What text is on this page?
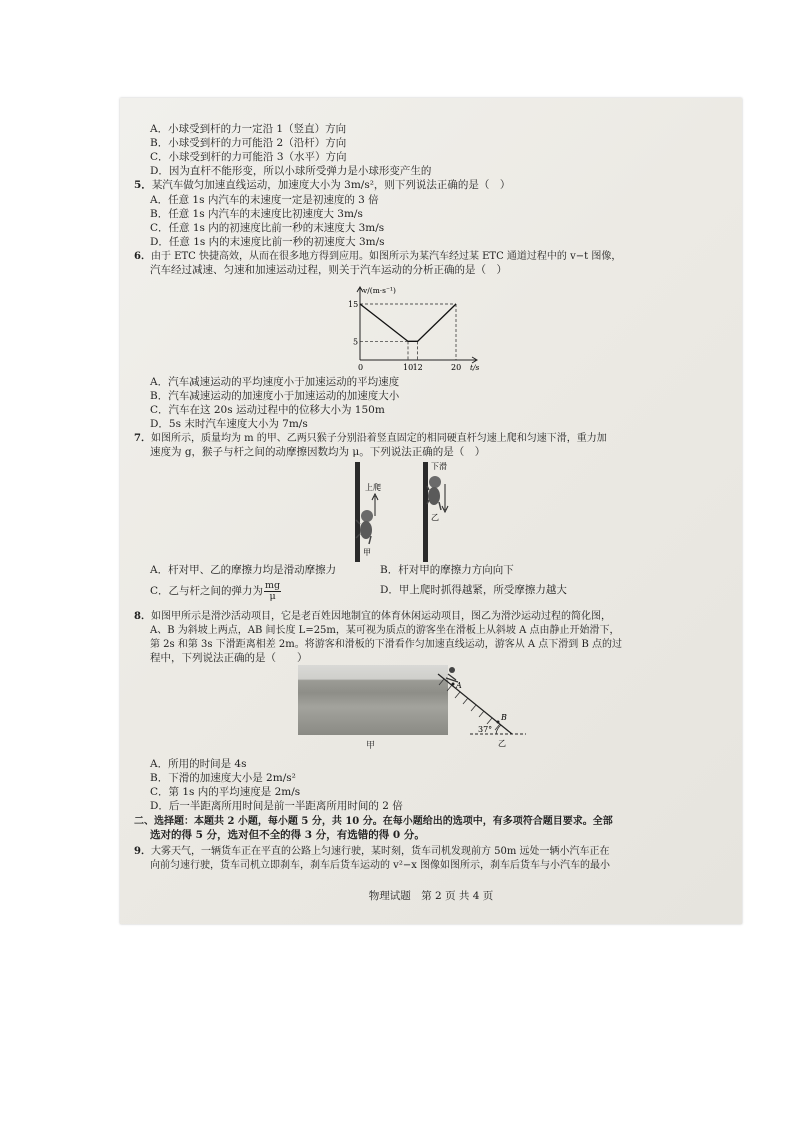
A．小球受到杆的力一定沿 1（竖直）方向
B．小球受到杆的力可能沿 2（沿杆）方向
C．小球受到杆的力可能沿 3（水平）方向
D．因为直杆不能形变，所以小球所受弹力是小球形变产生的
5．某汽车做匀加速直线运动，加速度大小为 3m/s²，则下列说法正确的是（　）
A．任意 1s 内汽车的末速度一定是初速度的 3 倍
B．任意 1s 内汽车的末速度比初速度大 3m/s
C．任意 1s 内的初速度比前一秒的末速度大 3m/s
D．任意 1s 内的末速度比前一秒的初速度大 3m/s
6．由于 ETC 快捷高效，从而在很多地方得到应用。如图所示为某汽车经过某 ETC 通道过程中的 v−t 图像，
汽车经过减速、匀速和加速运动过程，则关于汽车运动的分析正确的是（　）
0	10 12	20
5
15
t/s
v/(m·s⁻¹)
A．汽车减速运动的平均速度小于加速运动的平均速度
B．汽车减速运动的加速度小于加速运动的加速度大小
C．汽车在这 20s 运动过程中的位移大小为 150m
D．5s 末时汽车速度大小为 7m/s
7．如图所示，质量均为 m 的甲、乙两只猴子分别沿着竖直固定的相同硬直杆匀速上爬和匀速下滑，重力加
速度为 g，猴子与杆之间的动摩擦因数均为 μ。下列说法正确的是（　）
上爬
下滑
甲
乙
A．杆对甲、乙的摩擦力均是滑动摩擦力	B．杆对甲的摩擦力方向向下
C．乙与杆之间的弹力为 $\frac{mg}{\mu}$	D．甲上爬时抓得越紧，所受摩擦力越大
8．如图甲所示是滑沙活动项目，它是老百姓因地制宜的体育休闲运动项目，图乙为滑沙运动过程的简化图，
A、B 为斜坡上两点，AB 间长度 L=25m，某可视为质点的游客坐在滑板上从斜坡 A 点由静止开始滑下，
第 2s 和第 3s 下滑距离相差 2m。将游客和滑板的下滑看作匀加速直线运动，游客从 A 点下滑到 B 点的过
程中，下列说法正确的是（　　）
甲
A
B
37°
乙
A．所用的时间是 4s
B．下滑的加速度大小是 2m/s²
C．第 1s 内的平均速度是 2m/s
D．后一半距离所用时间是前一半距离所用时间的 2 倍
二、选择题：本题共 2 小题，每小题 5 分，共 10 分。在每小题给出的选项中，有多项符合题目要求。全部
选对的得 5 分，选对但不全的得 3 分，有选错的得 0 分。
9．大雾天气，一辆货车正在平直的公路上匀速行驶，某时刻，货车司机发现前方 50m 远处一辆小汽车正在
向前匀速行驶，货车司机立即刹车，刹车后货车运动的 v²−x 图像如图所示，刹车后货车与小汽车的最小
物理试题　第 2 页 共 4 页
